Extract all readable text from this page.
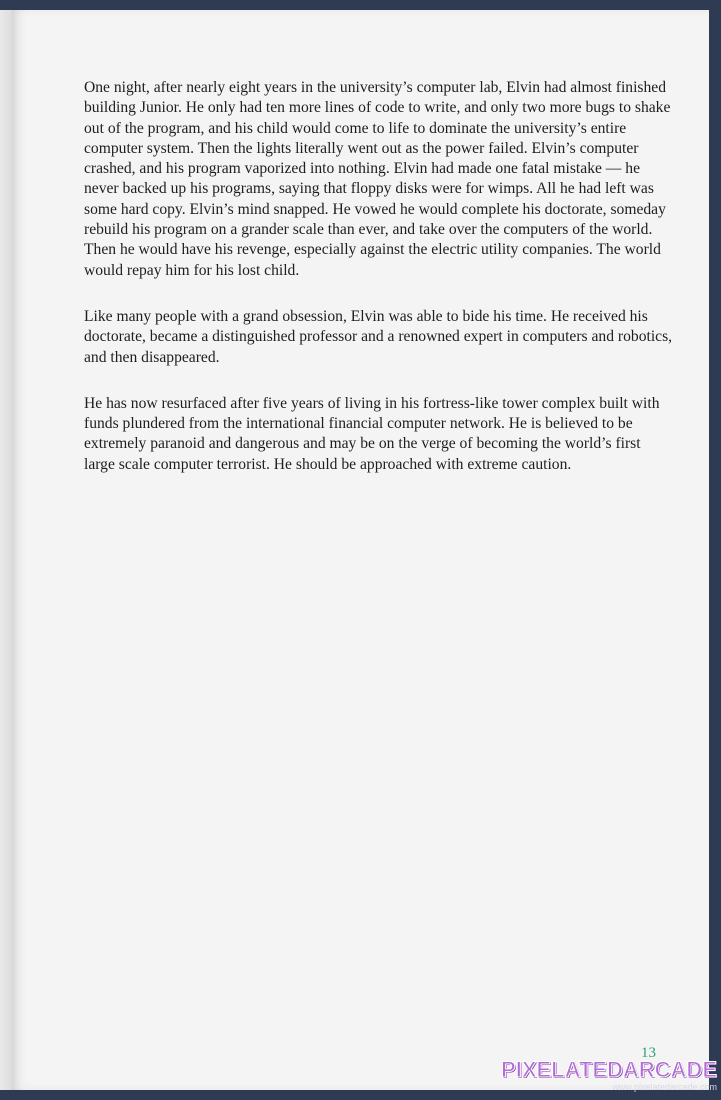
One night, after nearly eight years in the university’s computer lab, Elvin had almost finished building Junior. He only had ten more lines of code to write, and only two more bugs to shake out of the program, and his child would come to life to dominate the university’s entire computer system. Then the lights literally went out as the power failed. Elvin’s computer crashed, and his program vaporized into nothing. Elvin had made one fatal mistake — he never backed up his programs, saying that floppy disks were for wimps. All he had left was some hard copy. Elvin’s mind snapped. He vowed he would complete his doctorate, someday rebuild his program on a grander scale than ever, and take over the computers of the world. Then he would have his revenge, especially against the electric utility companies. The world would repay him for his lost child.

Like many people with a grand obsession, Elvin was able to bide his time. He received his doctorate, became a distinguished professor and a renowned expert in computers and robotics, and then disappeared.

He has now resurfaced after five years of living in his fortress-like tower complex built with funds plundered from the international financial computer network. He is believed to be extremely paranoid and dangerous and may be on the verge of becoming the world’s first large scale computer terrorist. He should be approached with extreme caution.

13
PIXELATEDARCADE
www.pixelatedarcade.com
